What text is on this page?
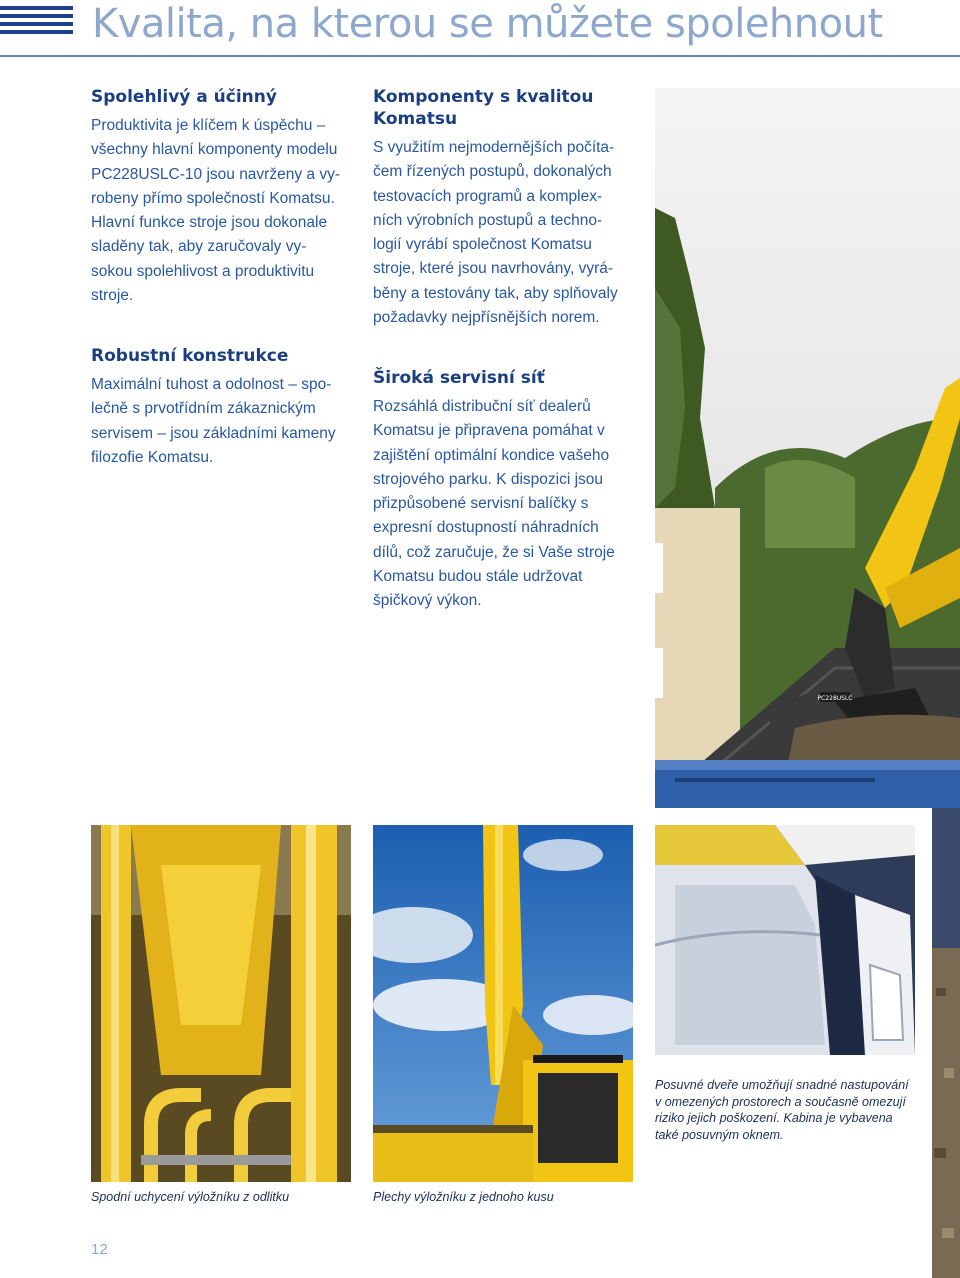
Kvalita, na kterou se můžete spolehnout
Spolehlivý a účinný

Produktivita je klíčem k úspěchu –
všechny hlavní komponenty modelu
PC228USLC-10 jsou navrženy a vy-
robeny přímo společností Komatsu.
Hlavní funkce stroje jsou dokonale
sladěny tak, aby zaručovaly vy-
sokou spolehlivost a produktivitu
stroje.

Robustní konstrukce

Maximální tuhost a odolnost – spo-
lečně s prvotřídním zákaznickým
servisem – jsou základními kameny
filozofie Komatsu.

Komponenty s kvalitou
Komatsu

S využitím nejmodernějších počíta-
čem řízených postupů, dokonalých
testovacích programů a komplex-
ních výrobních postupů a techno-
logií vyrábí společnost Komatsu
stroje, které jsou navrhovány, vyrá-
běny a testovány tak, aby splňovaly
požadavky nejpřísnějších norem.

Široká servisní síť

Rozsáhlá distribuční síť dealerů
Komatsu je připravena pomáhat v
zajištění optimální kondice vašeho
strojového parku. K dispozici jsou
přizpůsobené servisní balíčky s
expresní dostupností náhradních
dílů, což zaručuje, že si Vaše stroje
Komatsu budou stále udržovat
špičkový výkon.

PC228USLC

Spodní uchycení výložníku z odlitku	Plechy výložníku z jednoho kusu

Posuvné dveře umožňují snadné nastupování
v omezených prostorech a současně omezují
riziko jejich poškození. Kabina je vybavena
také posuvným oknem.

12
